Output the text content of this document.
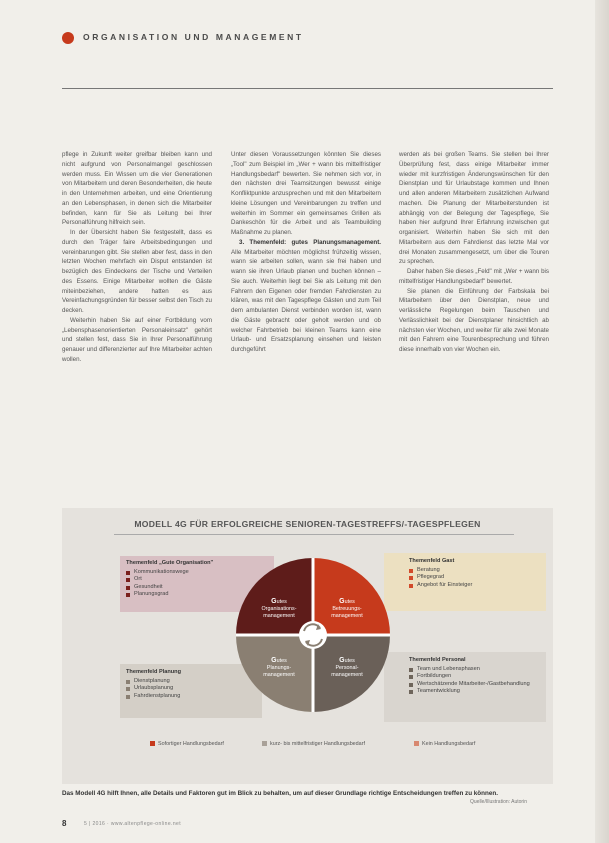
ORGANISATION UND MANAGEMENT

pflege in Zukunft weiter greifbar bleiben kann und nicht aufgrund von Personalmangel geschlossen werden muss. Ein Wissen um die vier Generationen von Mitarbeitern und deren Besonderheiten, die heute in den Unternehmen arbeiten, und eine Orientierung an den Lebensphasen, in denen sich die Mitarbeiter befinden, kann für Sie als Leitung bei Ihrer Personalführung hilfreich sein.

In der Übersicht haben Sie festgestellt, dass es durch den Träger faire Arbeitsbedingungen und vereinbarungen gibt. Sie stellen aber fest, dass in den letzten Wochen mehrfach ein Disput entstanden ist bezüglich des Eindeckens der Tische und Verteilen des Essens. Einige Mitarbeiter wollten die Gäste miteinbeziehen, andere hatten es aus Vereinfachungsgründen für besser selbst den Tisch zu decken.

Weiterhin haben Sie auf einer Fortbildung vom „Lebensphasenorientierten Personaleinsatz" gehört und stellen fest, dass Sie in Ihrer Personalführung genauer und differenzierter auf Ihre Mitarbeiter achten wollen.

Unter diesen Voraussetzungen könnten Sie dieses „Tool" zum Beispiel im „Wer + wann bis mittelfristiger Handlungsbedarf" bewerten. Sie nehmen sich vor, in den nächsten drei Teamsitzungen bewusst einige Konfliktpunkte anzusprechen und mit den Mitarbeitern kleine Lösungen und Vereinbarungen zu treffen und weiterhin im Sommer ein gemeinsames Grillen als Dankeschön für die Arbeit und als Teambuilding Maßnahme zu planen.

3. Themenfeld: gutes Planungsmanagement. Alle Mitarbeiter möchten möglichst frühzeitig wissen, wann sie arbeiten sollen, wann sie frei haben und wann sie ihren Urlaub planen und buchen können – Sie auch. Weiterhin liegt bei Sie als Leitung mit den Fahrern den Eigenen oder fremden Fahrdiensten zu klären, was mit den Tagespflege Gästen und zum Teil dem ambulanten Dienst verbinden worden ist, wann die Gäste gebracht oder geholt werden und ob welcher Fahrbetrieb bei kleinen Teams kann eine Urlaub- und Ersatzsplanung einsehen und leisten durchgeführt

werden als bei großen Teams. Sie stellen bei Ihrer Überprüfung fest, dass einige Mitarbeiter immer wieder mit kurzfristigen Änderungswünschen für den Dienstplan und für Urlaubstage kommen und Ihnen und allen anderen Mitarbeitern zusätzlichen Aufwand machen. Die Planung der Mitarbeiterstunden ist abhängig von der Belegung der Tagespflege, Sie haben hier aufgrund Ihrer Erfahrung inzwischen gut organisiert. Weiterhin haben Sie sich mit den Mitarbeitern aus dem Fahrdienst das letzte Mal vor drei Monaten zusammengesetzt, um über die Touren zu sprechen.

Daher haben Sie dieses „Feld" mit „Wer + wann bis mittelfristiger Handlungsbedarf" bewertet.

Sie planen die Einführung der Farbskala bei Mitarbeitern über den Dienstplan, neue und verlässliche Regelungen beim Tauschen und Verlässlichkeit bei der Dienstplaner hinsichtlich ab nächsten vier Wochen, und weiter für alle zwei Monate mit den Fahrern eine Tourenbesprechung und führen diese innerhalb von vier Wochen ein.

MODELL 4G FÜR ERFOLGREICHE SENIOREN-TAGESTREFFS/-TAGESPFLEGEN
Themenfeld „Gute Organisation"
Kommunikationswege
Ort
Gesundheit
Planungsgrad
Themenfeld Gast
Beratung
Pflegegrad
Angebot für Einsteiger
Themenfeld Planung
Dienstplanung
Urlaubsplanung
Fahrdienstplanung
Themenfeld Personal
Team und Lebensphasen
Fortbildungen
Wertschätzende Mitarbeiter-/Gastbehandlung
Teamentwicklung
Gutes Organisations-management
Gutes Betreuungs-management
Gutes Planungs-management
Gutes Personal-management
Sofortiger Handlungsbedarf	kurz- bis mittelfristiger Handlungsbedarf	Kein Handlungsbedarf
Das Modell 4G hilft Ihnen, alle Details und Faktoren gut im Blick zu behalten, um auf dieser Grundlage richtige Entscheidungen treffen zu können.
Quelle/Illustration: Autorin
8	5 | 2016 · www.altenpflege-online.net
